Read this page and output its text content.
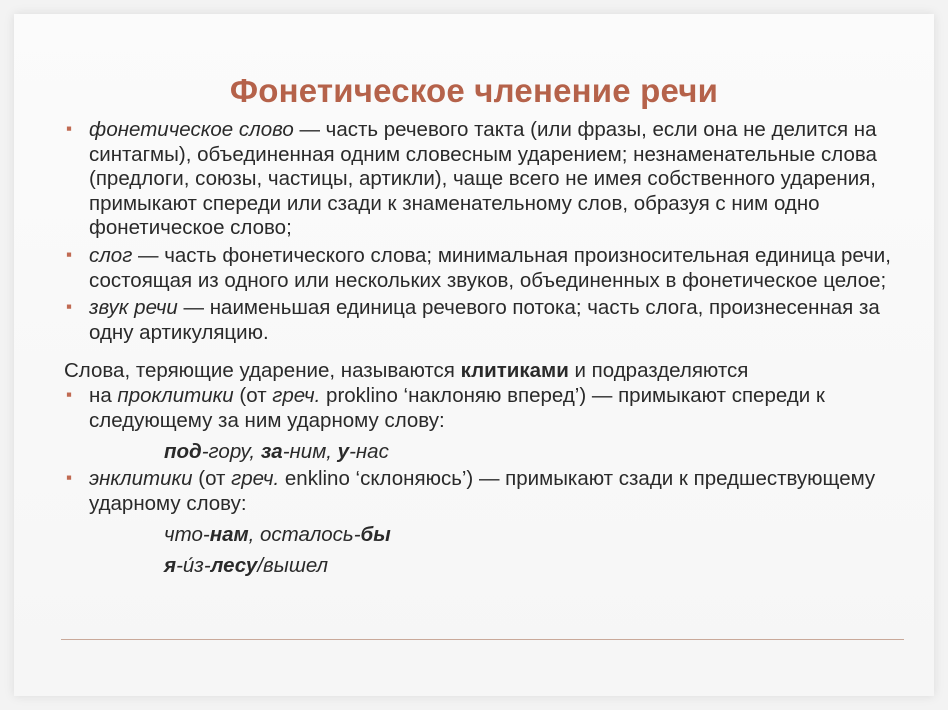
Фонетическое членение речи
▪ фонетическое слово — часть речевого такта (или фразы, если она не делится на синтагмы), объединенная одним словесным ударением; незнаменательные слова (предлоги, союзы, частицы, артикли), чаще всего не имея собственного ударения, примыкают спереди или сзади к знаменательному слов, образуя с ним одно фонетическое слово;
▪ слог — часть фонетического слова; минимальная произносительная единица речи, состоящая из одного или нескольких звуков, объединенных в фонетическое целое;
▪ звук речи — наименьшая единица речевого потока; часть слога, произнесенная за одну артикуляцию.
Слова, теряющие ударение, называются клитиками и подразделяются
▪ на проклитики (от греч. proklino ‘наклоняю вперед’) — примыкают спереди к следующему за ним ударному слову:
под-гору, за-ним, у-нас
▪ энклитики (от греч. enklino ‘склоняюсь’) — примыкают сзади к предшествующему ударному слову:
что-нам, осталось-бы
я-и́з-лесу/вышел
